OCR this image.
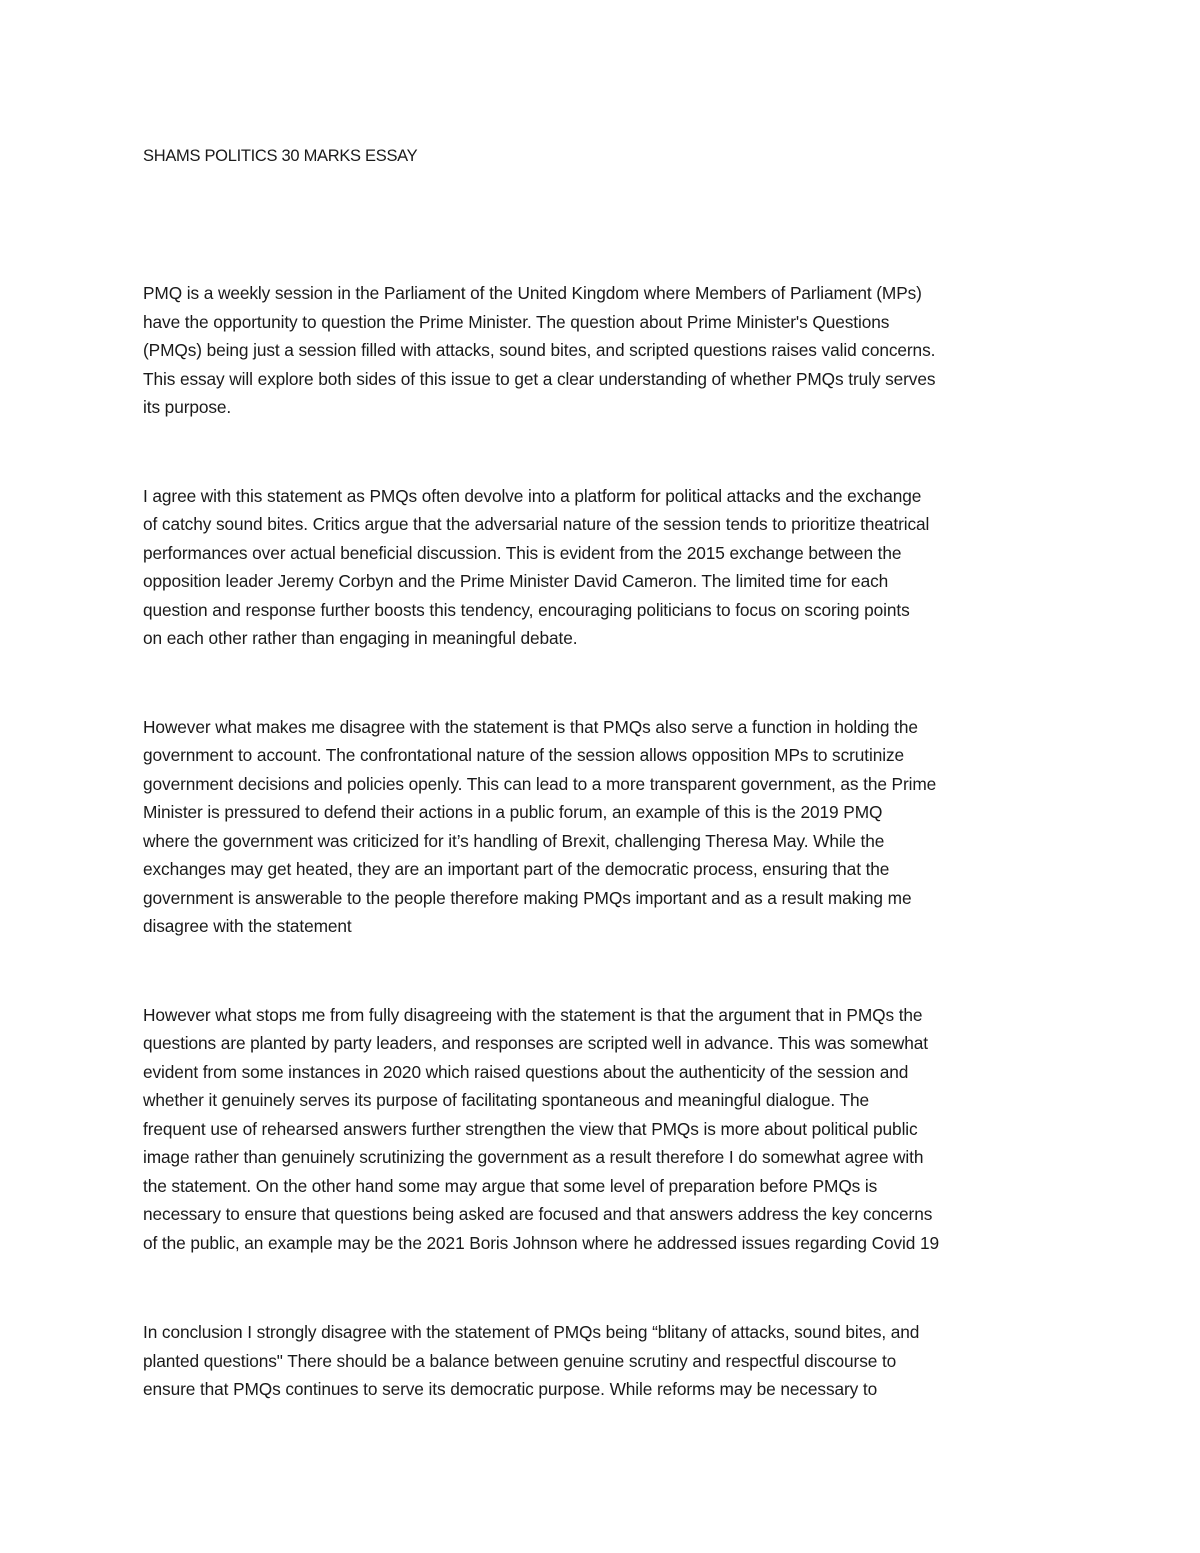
SHAMS POLITICS 30 MARKS ESSAY

PMQ is a weekly session in the Parliament of the United Kingdom where Members of Parliament (MPs)
have the opportunity to question the Prime Minister. The question about Prime Minister's Questions
(PMQs) being just a session filled with attacks, sound bites, and scripted questions raises valid concerns.
This essay will explore both sides of this issue to get a clear understanding of whether PMQs truly serves
its purpose.

I agree with this statement as PMQs often devolve into a platform for political attacks and the exchange
of catchy sound bites. Critics argue that the adversarial nature of the session tends to prioritize theatrical
performances over actual beneficial discussion. This is evident from the 2015 exchange between the
opposition leader Jeremy Corbyn and the Prime Minister David Cameron. The limited time for each
question and response further boosts this tendency, encouraging politicians to focus on scoring points
on each other rather than engaging in meaningful debate.

However what makes me disagree with the statement is that PMQs also serve a function in holding the
government to account. The confrontational nature of the session allows opposition MPs to scrutinize
government decisions and policies openly. This can lead to a more transparent government, as the Prime
Minister is pressured to defend their actions in a public forum, an example of this is the 2019 PMQ
where the government was criticized for it’s handling of Brexit, challenging Theresa May. While the
exchanges may get heated, they are an important part of the democratic process, ensuring that the
government is answerable to the people therefore making PMQs important and as a result making me
disagree with the statement

However what stops me from fully disagreeing with the statement is that the argument that in PMQs the
questions are planted by party leaders, and responses are scripted well in advance. This was somewhat
evident from some instances in 2020 which raised questions about the authenticity of the session and
whether it genuinely serves its purpose of facilitating spontaneous and meaningful dialogue. The
frequent use of rehearsed answers further strengthen the view that PMQs is more about political public
image rather than genuinely scrutinizing the government as a result therefore I do somewhat agree with
the statement. On the other hand some may argue that some level of preparation before PMQs is
necessary to ensure that questions being asked are focused and that answers address the key concerns
of the public, an example may be the 2021 Boris Johnson where he addressed issues regarding Covid 19

In conclusion I strongly disagree with the statement of PMQs being “blitany of attacks, sound bites, and
planted questions" There should be a balance between genuine scrutiny and respectful discourse to
ensure that PMQs continues to serve its democratic purpose. While reforms may be necessary to
